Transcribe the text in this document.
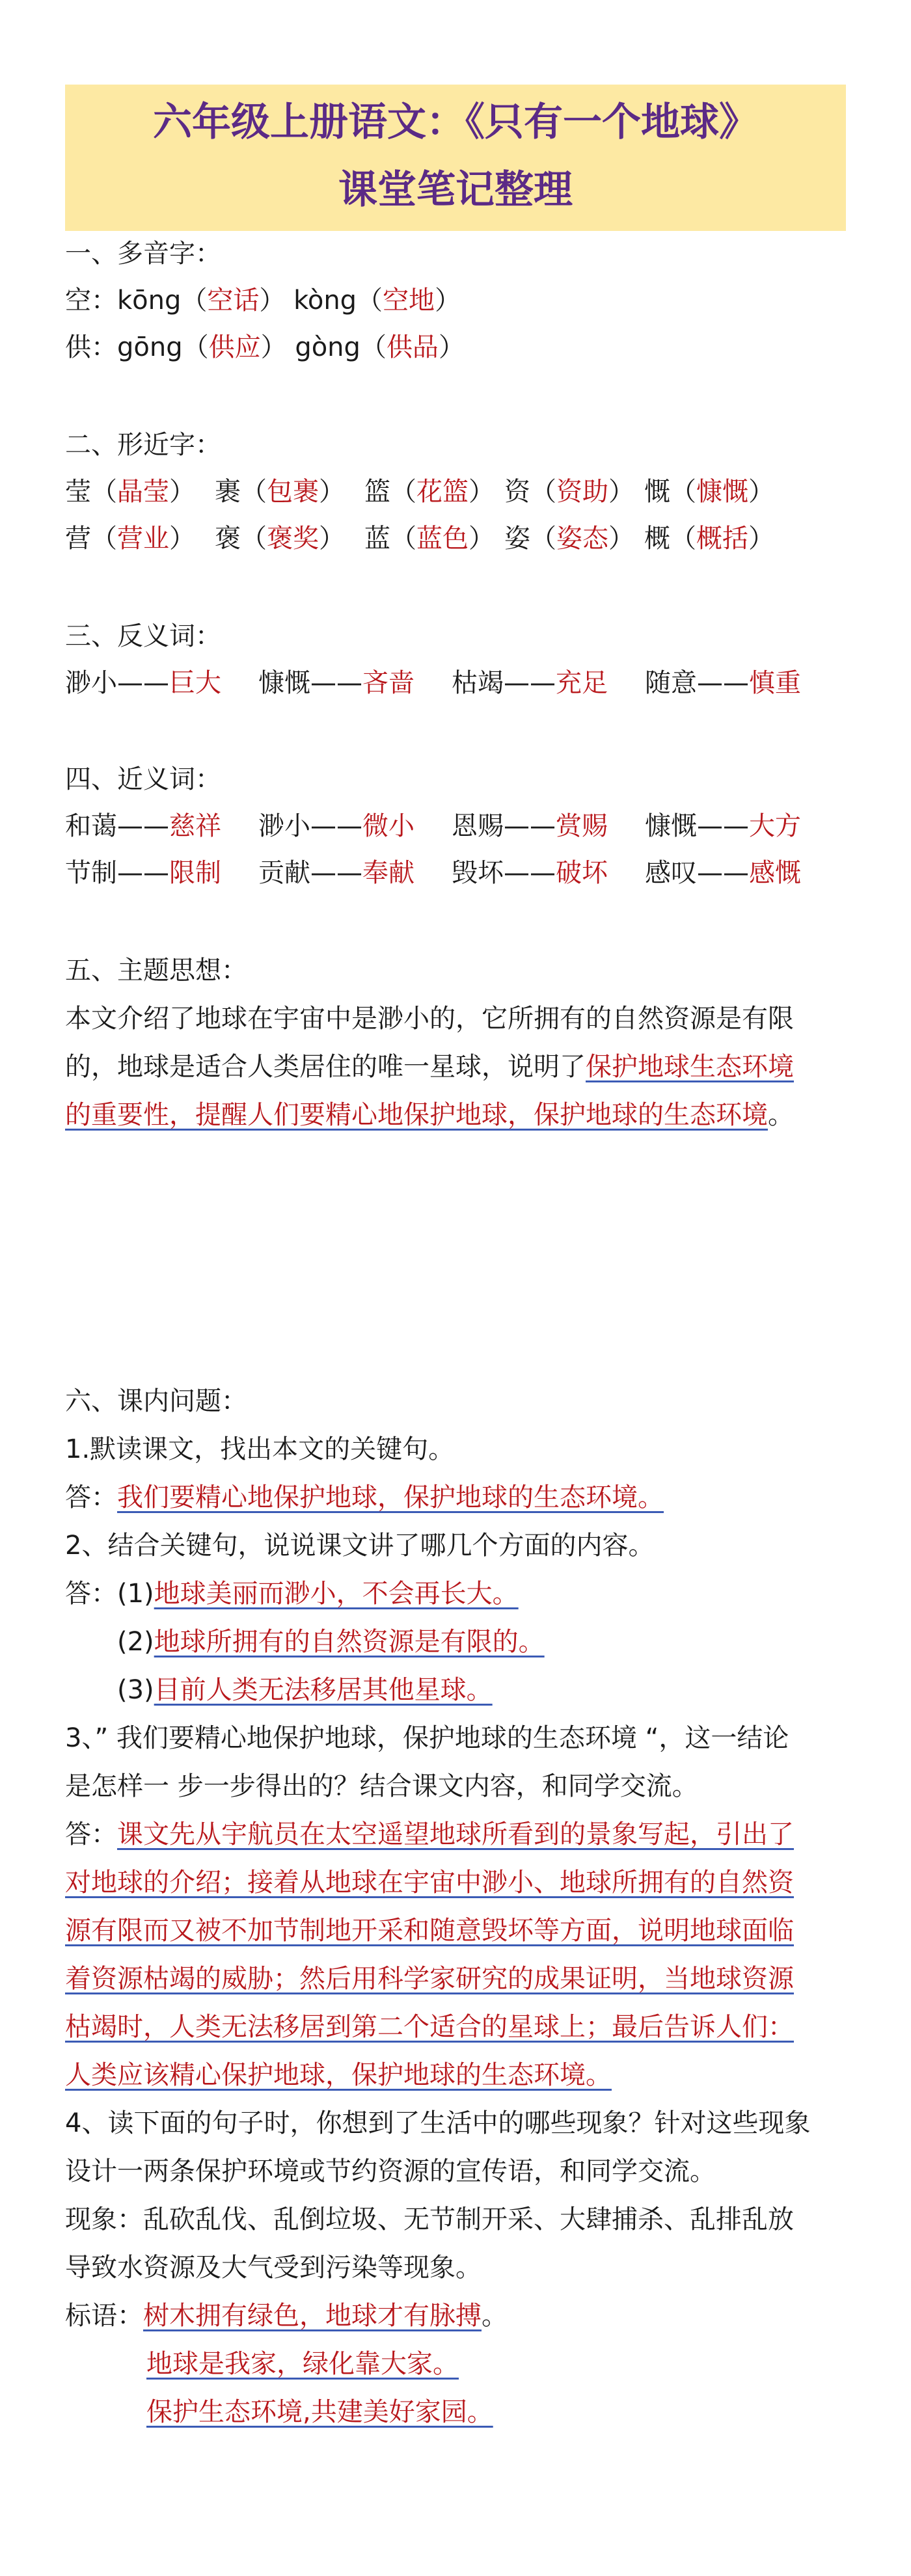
六年级上册语文：《只有一个地球》
课堂笔记整理
一、多音字：
空：kōng（空话） kòng（空地）
供：gōng（供应） gòng（供品）
二、形近字：
莹（晶莹） 裹（包裹） 篮（花篮） 资（资助） 慨（慷慨）
营（营业） 褒（褒奖） 蓝（蓝色） 姿（姿态） 概（概括）
三、反义词：
渺小——巨大 慷慨——吝啬 枯竭——充足 随意——慎重
四、近义词：
和蔼——慈祥 渺小——微小 恩赐——赏赐 慷慨——大方
节制——限制 贡献——奉献 毁坏——破坏 感叹——感慨
五、主题思想：
本文介绍了地球在宇宙中是渺小的，它所拥有的自然资源是有限
的，地球是适合人类居住的唯一星球，说明了保护地球生态环境
的重要性，提醒人们要精心地保护地球，保护地球的生态环境。
六、课内问题：
1.默读课文，找出本文的关键句。
答：我们要精心地保护地球，保护地球的生态环境。
2、结合关键句，说说课文讲了哪几个方面的内容。
答：(1)地球美丽而渺小，不会再长大。
(2)地球所拥有的自然资源是有限的。
(3)目前人类无法移居其他星球。
3、” 我们要精心地保护地球，保护地球的生态环境 “，这一结论
是怎样一 步一步得出的？结合课文内容，和同学交流。
答：课文先从宇航员在太空遥望地球所看到的景象写起，引出了
对地球的介绍；接着从地球在宇宙中渺小、地球所拥有的自然资
源有限而又被不加节制地开采和随意毁坏等方面，说明地球面临
着资源枯竭的威胁；然后用科学家研究的成果证明，当地球资源
枯竭时，人类无法移居到第二个适合的星球上；最后告诉人们：
人类应该精心保护地球，保护地球的生态环境。
4、读下面的句子时，你想到了生活中的哪些现象？针对这些现象
设计一两条保护环境或节约资源的宣传语，和同学交流。
现象：乱砍乱伐、乱倒垃圾、无节制开采、大肆捕杀、乱排乱放
导致水资源及大气受到污染等现象。
标语：树木拥有绿色，地球才有脉搏。
地球是我家，绿化靠大家。
保护生态环境,共建美好家园。
